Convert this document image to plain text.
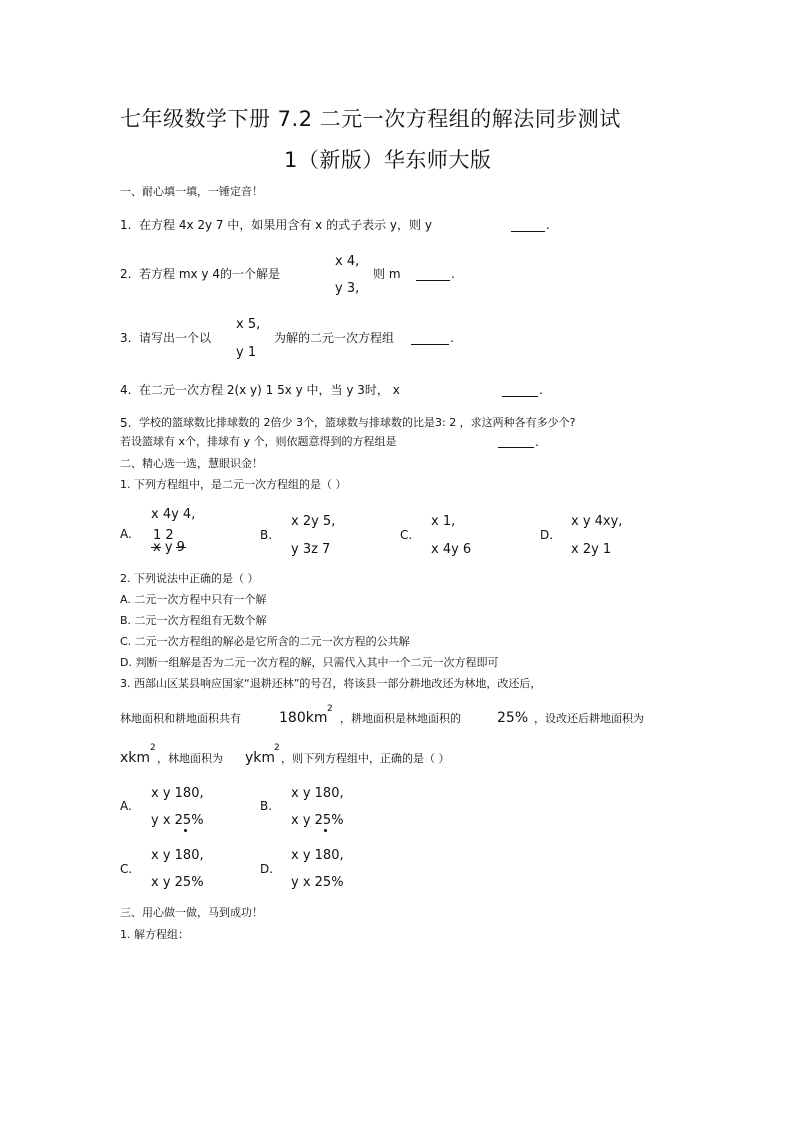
七年级数学下册 7.2 二元一次方程组的解法同步测试
1（新版）华东师大版
一、耐心填一填，一锤定音！
1. 在方程 4x 2y 7 中，如果用含有 x 的式子表示 y，则 y	.
2. 若方程 mx y 4的一个解是
x 4,
y 3,
则 m	.
3. 请写出一个以
x 5,
y 1
为解的二元一次方程组	.
4. 在二元一次方程 2(x y) 1 5x y 中，当 y 3时， x	.
5. 学校的篮球数比排球数的 2倍少 3个，篮球数与排球数的比是3: 2 ，求这两种各有多少个?
若设篮球有 x个，排球有 y 个，则依题意得到的方程组是	.
二、精心选一选，慧眼识金！
1. 下列方程组中，是二元一次方程组的是（ ）
A.
x 4y 4,
1 2
x y 9
B.
x 2y 5,
y 3z 7
C.
x 1,
x 4y 6
D.
x y 4xy,
x 2y 1
2. 下列说法中正确的是（ ）
A. 二元一次方程中只有一个解
B. 二元一次方程组有无数个解
C. 二元一次方程组的解必是它所含的二元一次方程的公共解
D. 判断一组解是否为二元一次方程的解，只需代入其中一个二元一次方程即可
3. 西部山区某县响应国家“退耕还林”的号召，将该县一部分耕地改还为林地，改还后，
林地面积和耕地面积共有	180km
2
，耕地面积是林地面积的	25% ，设改还后耕地面积为
xkm
2
，林地面积为 ykm
2
，则下列方程组中，正确的是（ ）
A.
x y 180,
y x 25%
B.
x y 180,
x y 25%
C.
x y 180,
x y 25%
D.
x y 180,
y x 25%
三、用心做一做，马到成功！
1. 解方程组：
